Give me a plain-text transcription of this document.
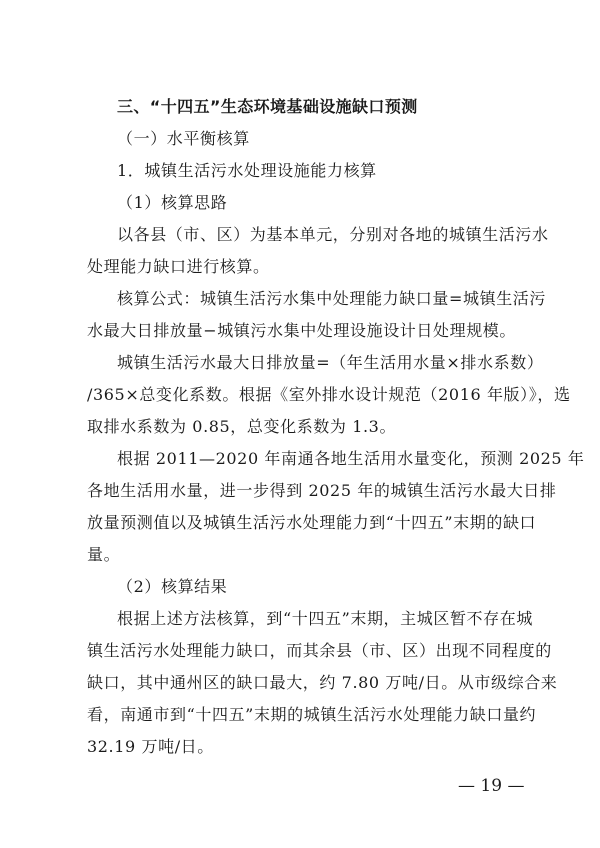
三、“十四五”生态环境基础设施缺口预测
（一）水平衡核算
1．城镇生活污水处理设施能力核算
（1）核算思路
以各县（市、区）为基本单元，分别对各地的城镇生活污水
处理能力缺口进行核算。
核算公式：城镇生活污水集中处理能力缺口量=城镇生活污
水最大日排放量−城镇污水集中处理设施设计日处理规模。
城镇生活污水最大日排放量=（年生活用水量×排水系数）
/365×总变化系数。根据《室外排水设计规范（2016 年版）》，选
取排水系数为 0.85，总变化系数为 1.3。
根据 2011—2020 年南通各地生活用水量变化，预测 2025 年
各地生活用水量，进一步得到 2025 年的城镇生活污水最大日排
放量预测值以及城镇生活污水处理能力到“十四五”末期的缺口
量。
（2）核算结果
根据上述方法核算，到“十四五”末期，主城区暂不存在城
镇生活污水处理能力缺口，而其余县（市、区）出现不同程度的
缺口，其中通州区的缺口最大，约 7.80 万吨/日。从市级综合来
看，南通市到“十四五”末期的城镇生活污水处理能力缺口量约
32.19 万吨/日。
— 19 —
